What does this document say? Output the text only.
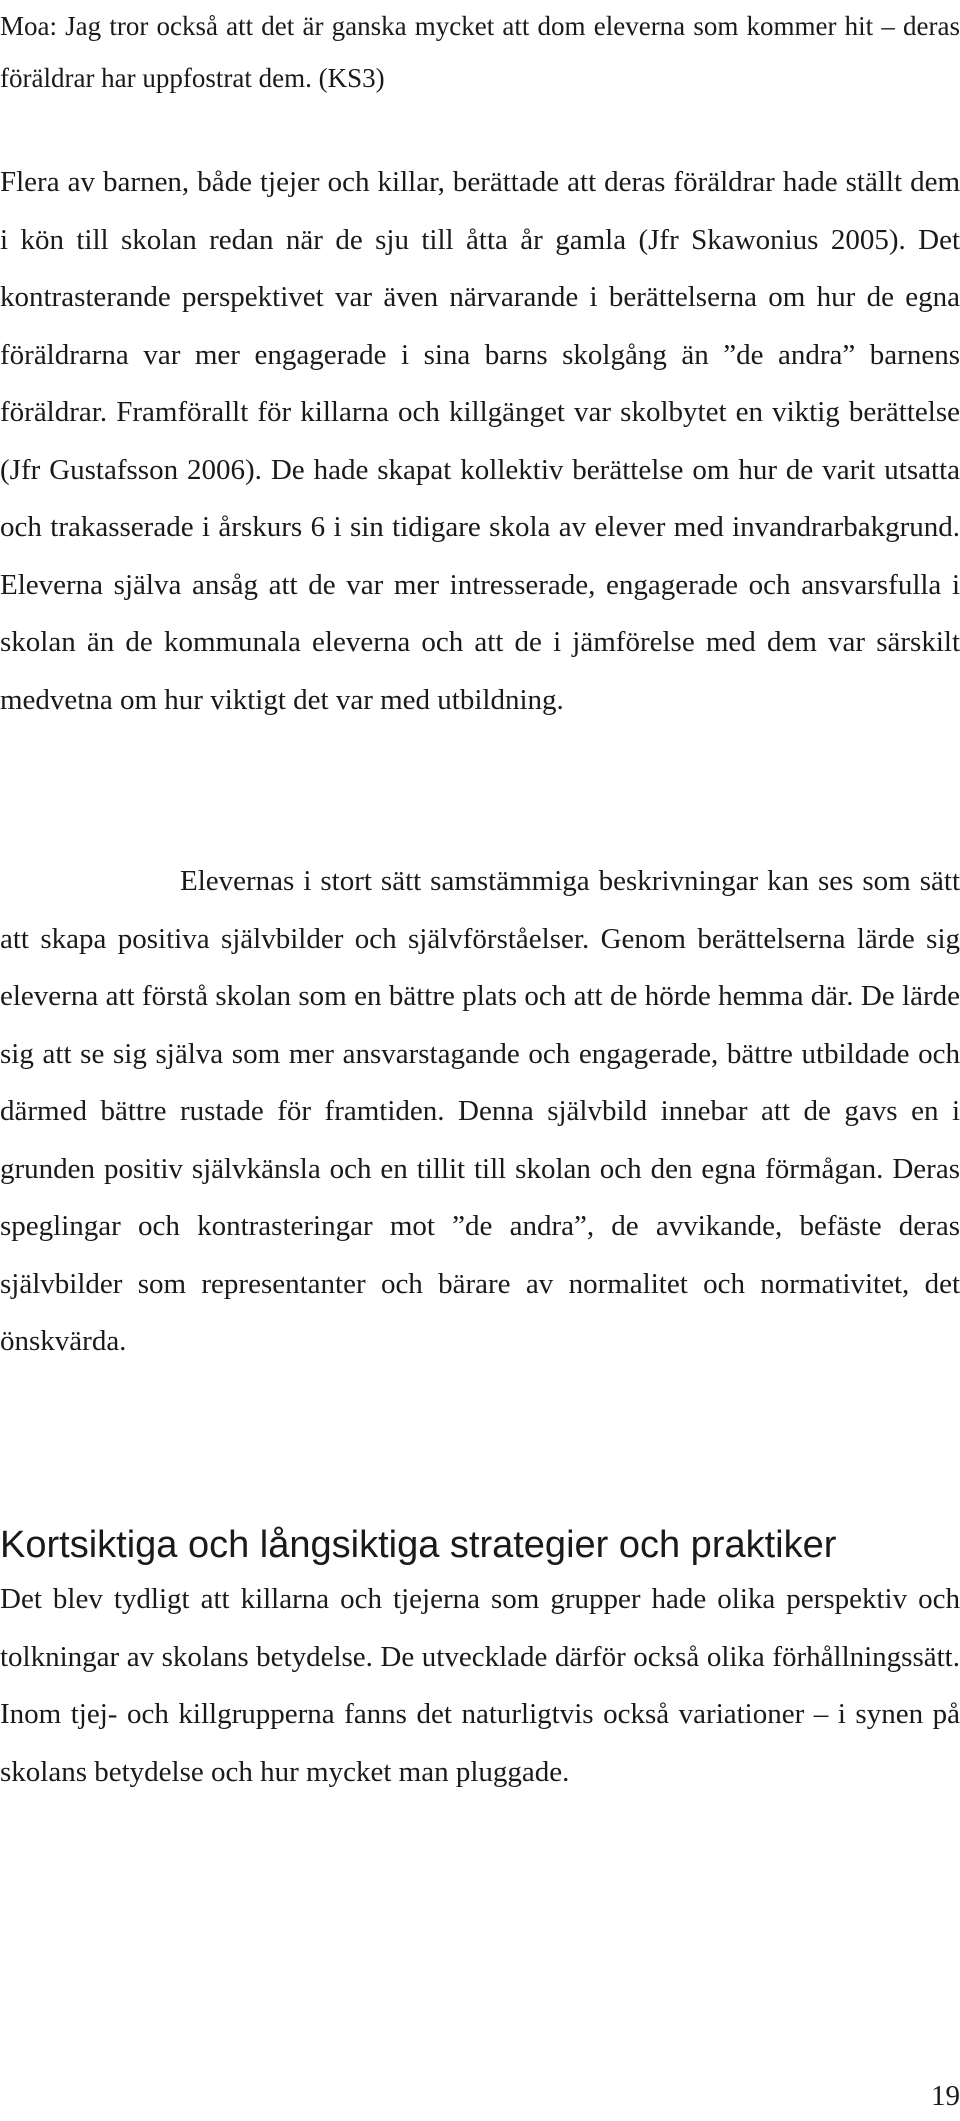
Moa: Jag tror också att det är ganska mycket att dom eleverna som kommer hit – deras föräldrar har uppfostrat dem. (KS3)

Flera av barnen, både tjejer och killar, berättade att deras föräldrar hade ställt dem i kön till skolan redan när de sju till åtta år gamla (Jfr Skawonius 2005). Det kontrasterande perspektivet var även närvarande i berättelserna om hur de egna föräldrarna var mer engagerade i sina barns skolgång än ”de andra” barnens föräldrar. Framförallt för killarna och killgänget var skolbytet en viktig berättelse (Jfr Gustafsson 2006). De hade skapat kollektiv berättelse om hur de varit utsatta och trakasserade i årskurs 6 i sin tidigare skola av elever med invandrarbakgrund. Eleverna själva ansåg att de var mer intresserade, engagerade och ansvarsfulla i skolan än de kommunala eleverna och att de i jämförelse med dem var särskilt medvetna om hur viktigt det var med utbildning.

Elevernas i stort sätt samstämmiga beskrivningar kan ses som sätt att skapa positiva självbilder och självförståelser. Genom berättelserna lärde sig eleverna att förstå skolan som en bättre plats och att de hörde hemma där. De lärde sig att se sig själva som mer ansvarstagande och engagerade, bättre utbildade och därmed bättre rustade för framtiden. Denna självbild innebar att de gavs en i grunden positiv självkänsla och en tillit till skolan och den egna förmågan. Deras speglingar och kontrasteringar mot ”de andra”, de avvikande, befäste deras självbilder som representanter och bärare av normalitet och normativitet, det önskvärda.

Kortsiktiga och långsiktiga strategier och praktiker

Det blev tydligt att killarna och tjejerna som grupper hade olika perspektiv och tolkningar av skolans betydelse. De utvecklade därför också olika förhållningssätt. Inom tjej- och killgrupperna fanns det naturligtvis också variationer – i synen på skolans betydelse och hur mycket man pluggade.

19
